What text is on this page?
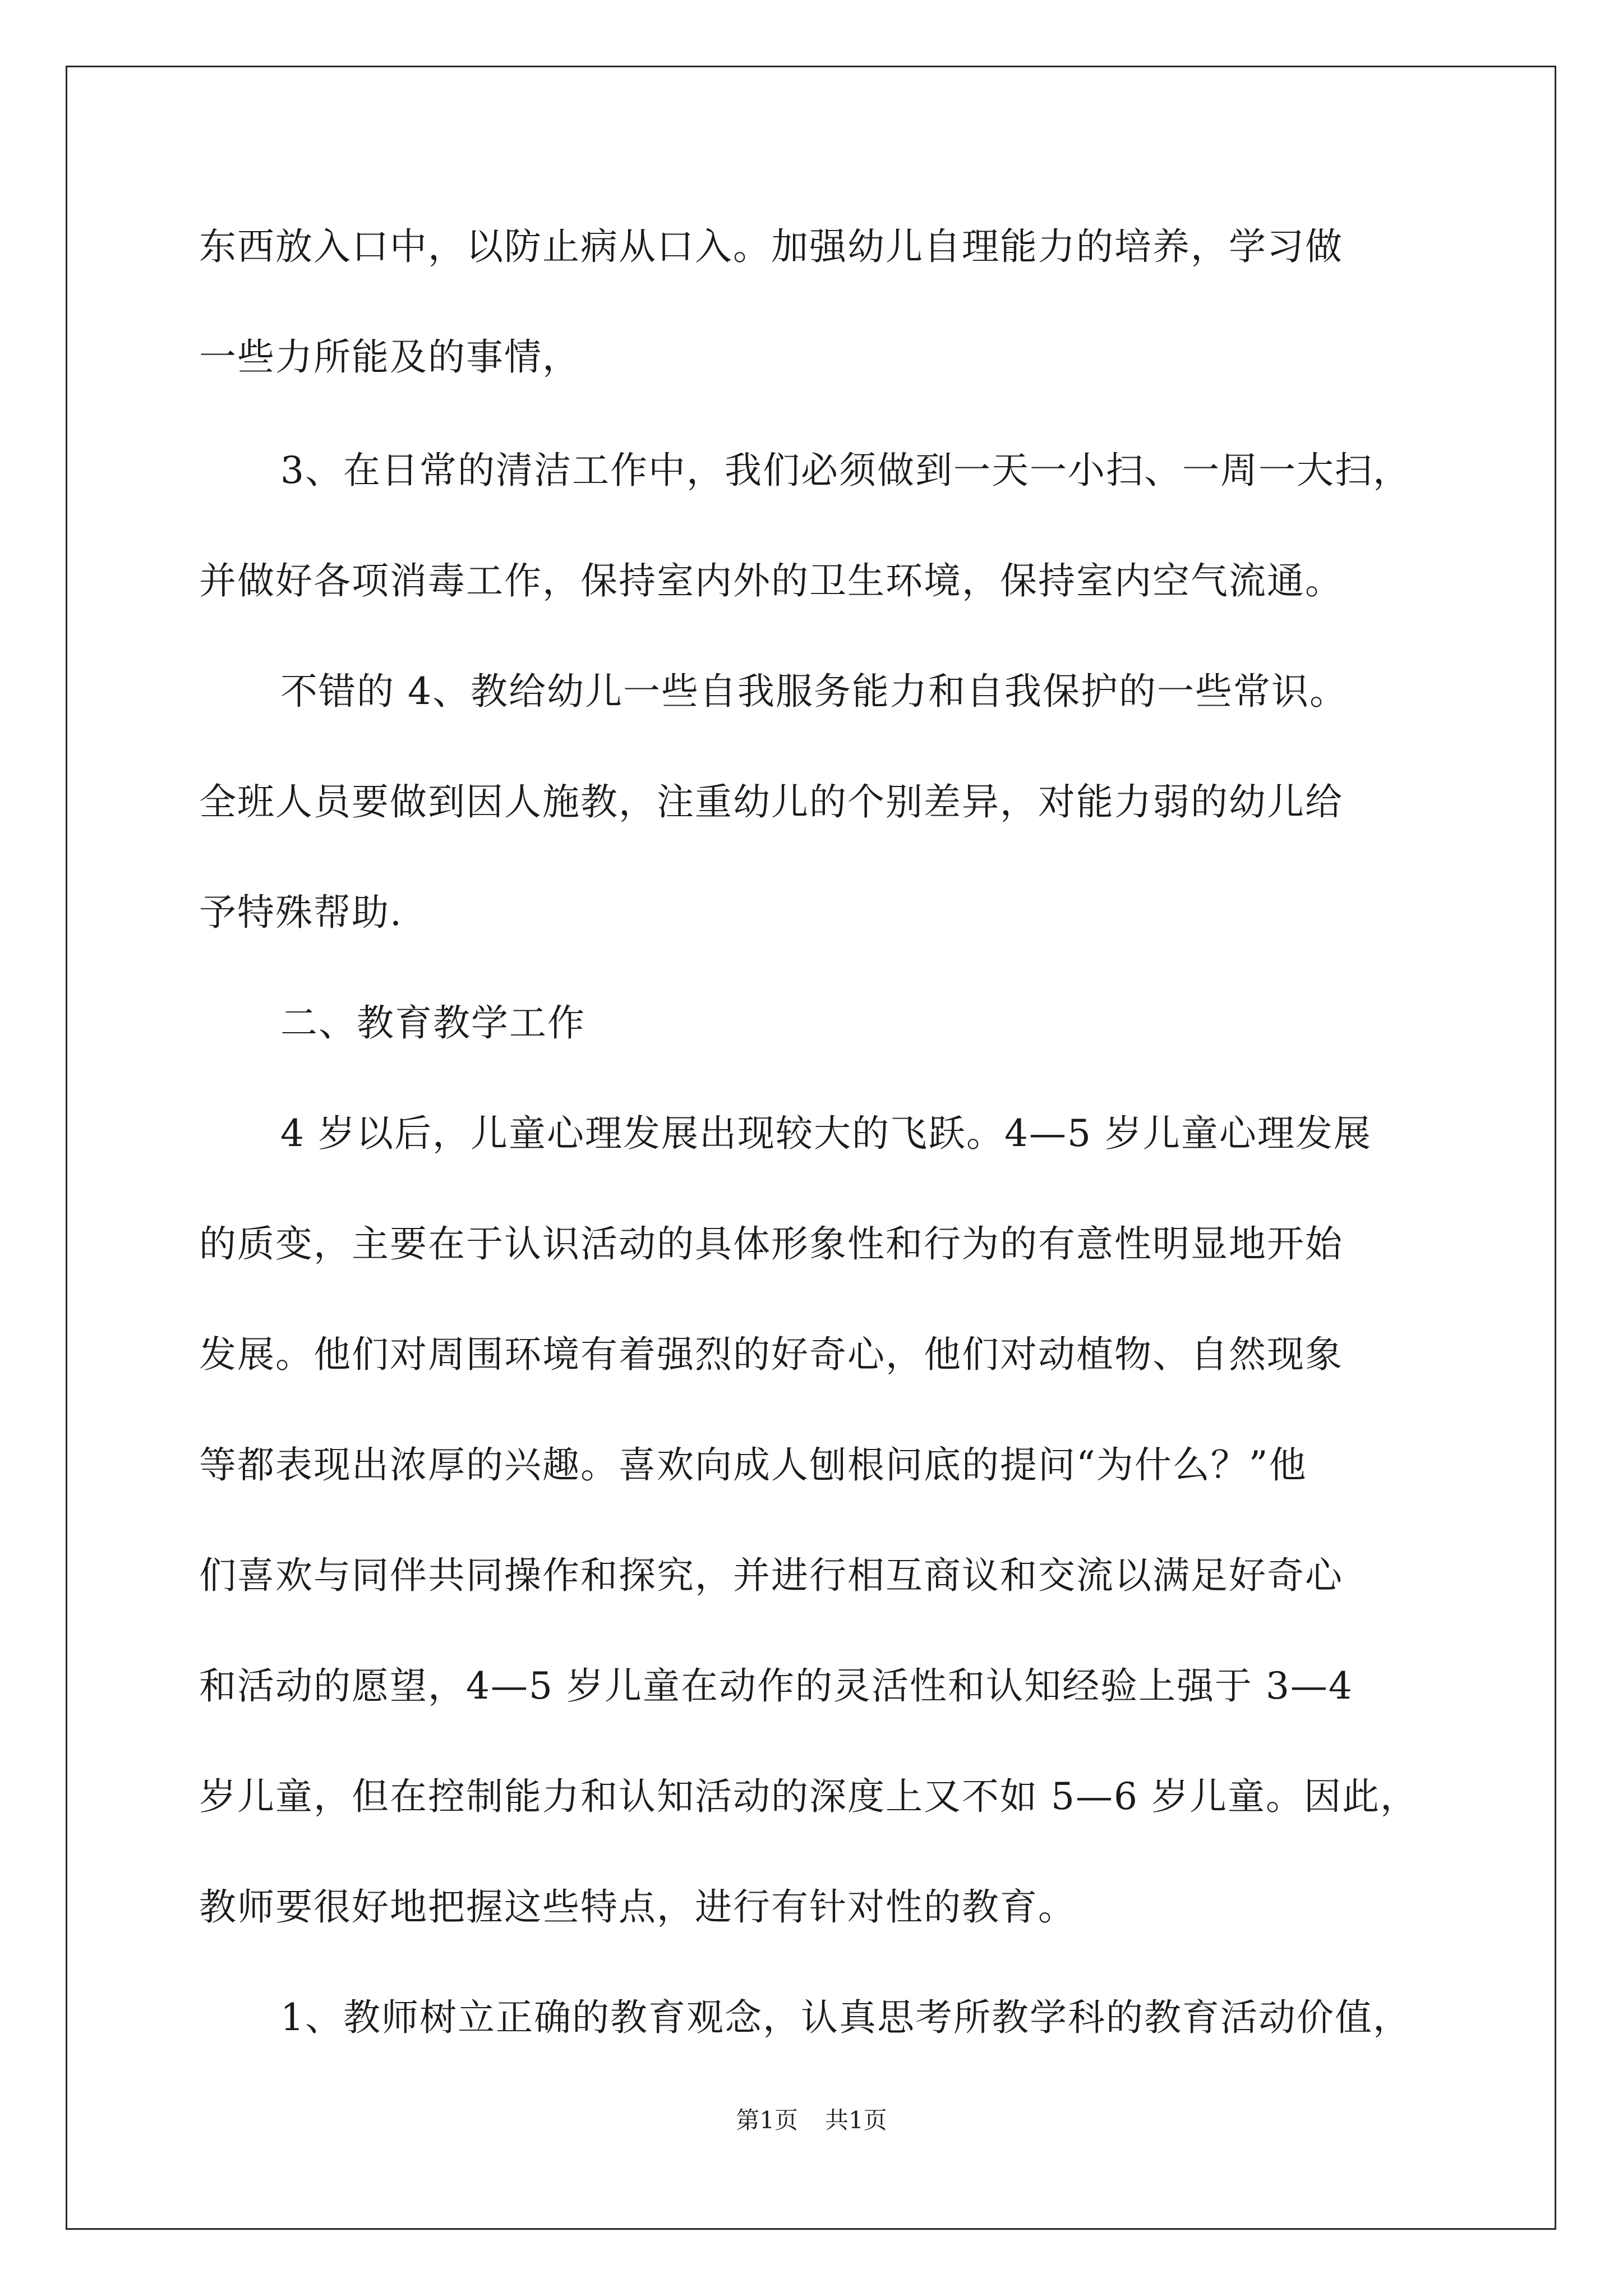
东西放入口中，以防止病从口入。加强幼儿自理能力的培养，学习做
一些力所能及的事情，
3、在日常的清洁工作中，我们必须做到一天一小扫、一周一大扫，
并做好各项消毒工作，保持室内外的卫生环境，保持室内空气流通。
不错的 4、教给幼儿一些自我服务能力和自我保护的一些常识。
全班人员要做到因人施教，注重幼儿的个别差异，对能力弱的幼儿给
予特殊帮助.
二、教育教学工作
4 岁以后，儿童心理发展出现较大的飞跃。4—5 岁儿童心理发展
的质变，主要在于认识活动的具体形象性和行为的有意性明显地开始
发展。他们对周围环境有着强烈的好奇心，他们对动植物、自然现象
等都表现出浓厚的兴趣。喜欢向成人刨根问底的提问“为什么？”他
们喜欢与同伴共同操作和探究，并进行相互商议和交流以满足好奇心
和活动的愿望，4—5 岁儿童在动作的灵活性和认知经验上强于 3—4
岁儿童，但在控制能力和认知活动的深度上又不如 5—6 岁儿童。因此，
教师要很好地把握这些特点，进行有针对性的教育。
1、教师树立正确的教育观念，认真思考所教学科的教育活动价值，
第1页 共1页
